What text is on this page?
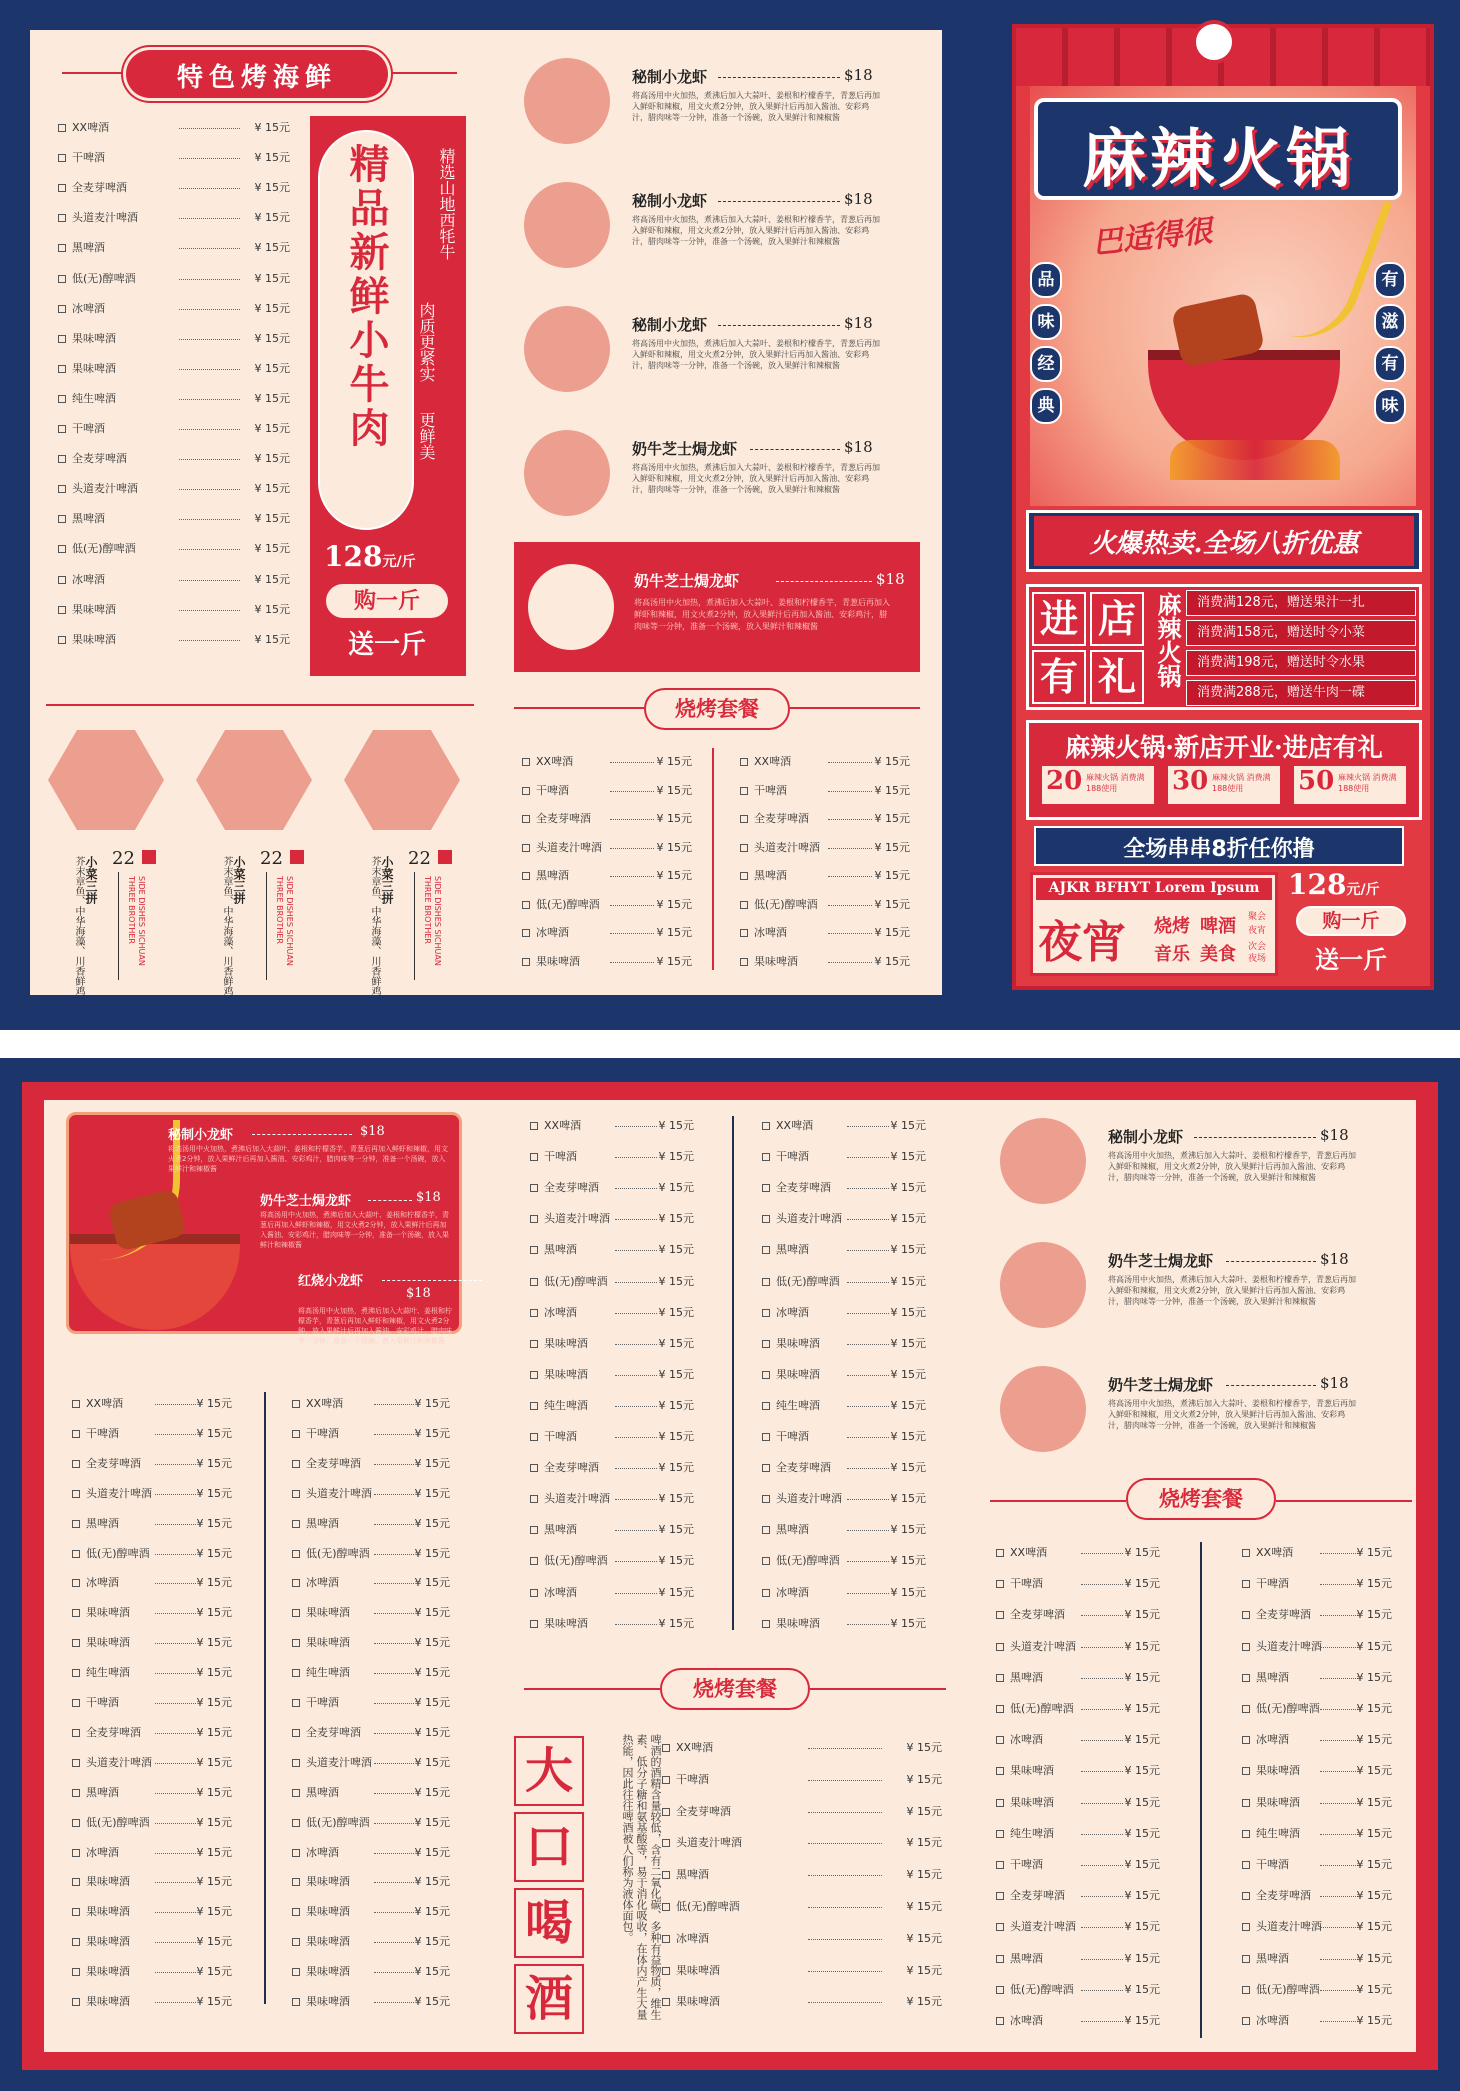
特色烤海鲜
XX啤酒	¥ 15元
干啤酒	¥ 15元
全麦芽啤酒	¥ 15元
头道麦汁啤酒	¥ 15元
黑啤酒	¥ 15元
低(无)醇啤酒	¥ 15元
冰啤酒	¥ 15元
果味啤酒	¥ 15元
果味啤酒	¥ 15元
纯生啤酒	¥ 15元
干啤酒	¥ 15元
全麦芽啤酒	¥ 15元
头道麦汁啤酒	¥ 15元
黑啤酒	¥ 15元
低(无)醇啤酒	¥ 15元
冰啤酒	¥ 15元
果味啤酒	¥ 15元
果味啤酒	¥ 15元
精品新鲜小牛肉	精选山地西牦牛
肉质更紧实
更鲜美
128元/斤
购一斤
送一斤
小菜三拼
芥末章鱼、中华海藻、川香鲜鸡 22
SIDE DISHES SICHUAN THREE BROTHER	小菜三拼
芥末章鱼、中华海藻、川香鲜鸡 22
SIDE DISHES SICHUAN THREE BROTHER	小菜三拼
芥末章鱼、中华海藻、川香鲜鸡 22
SIDE DISHES SICHUAN THREE BROTHER
秘制小龙虾	$18
将高汤用中火加热，煮沸后加入大蒜叶、姜根和柠檬香芋，青葱后再加入鲜虾和辣椒，用文火煮2分钟，放入果鲜汁后再加入酱油、安彩鸡汁，腊肉味等一分钟，准备一个汤碗，放入果鲜汁和辣椒酱
秘制小龙虾	$18
将高汤用中火加热，煮沸后加入大蒜叶、姜根和柠檬香芋，青葱后再加入鲜虾和辣椒，用文火煮2分钟，放入果鲜汁后再加入酱油、安彩鸡汁，腊肉味等一分钟，准备一个汤碗，放入果鲜汁和辣椒酱
秘制小龙虾	$18
将高汤用中火加热，煮沸后加入大蒜叶、姜根和柠檬香芋，青葱后再加入鲜虾和辣椒，用文火煮2分钟，放入果鲜汁后再加入酱油、安彩鸡汁，腊肉味等一分钟，准备一个汤碗，放入果鲜汁和辣椒酱
奶牛芝士焗龙虾	$18
将高汤用中火加热，煮沸后加入大蒜叶、姜根和柠檬香芋，青葱后再加入鲜虾和辣椒，用文火煮2分钟，放入果鲜汁后再加入酱油、安彩鸡汁，腊肉味等一分钟，准备一个汤碗，放入果鲜汁和辣椒酱
奶牛芝士焗龙虾	$18
将高汤用中火加热，煮沸后加入大蒜叶、姜根和柠檬香芋，青葱后再加入鲜虾和辣椒，用文火煮2分钟，放入果鲜汁后再加入酱油、安彩鸡汁，腊肉味等一分钟，准备一个汤碗，放入果鲜汁和辣椒酱
烧烤套餐
XX啤酒	¥ 15元
干啤酒	¥ 15元
全麦芽啤酒	¥ 15元
头道麦汁啤酒	¥ 15元
黑啤酒	¥ 15元
低(无)醇啤酒	¥ 15元
冰啤酒	¥ 15元
果味啤酒	¥ 15元
XX啤酒	¥ 15元
干啤酒	¥ 15元
全麦芽啤酒	¥ 15元
头道麦汁啤酒	¥ 15元
黑啤酒	¥ 15元
低(无)醇啤酒	¥ 15元
冰啤酒	¥ 15元
果味啤酒	¥ 15元
麻辣火锅
巴适得很
品
味
经
典
有
滋
有
味
火爆热卖.全场八折优惠
进 店
有 礼 麻辣火锅	消费满128元，赠送果汁一扎
消费满158元，赠送时令小菜
消费满198元，赠送时令水果
消费满288元，赠送牛肉一碟
麻辣火锅·新店开业·进店有礼
20 麻辣火锅 消费满188使用	30 麻辣火锅 消费满188使用	50 麻辣火锅 消费满188使用
全场串串8折任你撸
AJKR BFHYT Lorem Ipsum
夜宵 烧烤 啤酒
音乐 美食
聚会
夜宵
次会
夜场
128元/斤
购一斤
送一斤
秘制小龙虾	$18
将高汤用中火加热，煮沸后加入大蒜叶、姜根和柠檬香芋，青葱后再加入鲜虾和辣椒，用文火煮2分钟，放入果鲜汁后再加入酱油、安彩鸡汁，腊肉味等一分钟，准备一个汤碗，放入果鲜汁和辣椒酱
奶牛芝士焗龙虾	$18
将高汤用中火加热，煮沸后加入大蒜叶、姜根和柠檬香芋，青葱后再加入鲜虾和辣椒，用文火煮2分钟，放入果鲜汁后再加入酱油、安彩鸡汁，腊肉味等一分钟，准备一个汤碗，放入果鲜汁和辣椒酱
红烧小龙虾
$18
将高汤用中火加热，煮沸后加入大蒜叶、姜根和柠檬香芋，青葱后再加入鲜虾和辣椒，用文火煮2分钟，放入果鲜汁后再加入酱油、安彩鸡汁，腊肉味等一分钟，准备一个汤碗，放入果鲜汁和辣椒酱
XX啤酒	¥ 15元
干啤酒	¥ 15元
全麦芽啤酒	¥ 15元
头道麦汁啤酒	¥ 15元
黑啤酒	¥ 15元
低(无)醇啤酒	¥ 15元
冰啤酒	¥ 15元
果味啤酒	¥ 15元
果味啤酒	¥ 15元
纯生啤酒	¥ 15元
干啤酒	¥ 15元
全麦芽啤酒	¥ 15元
头道麦汁啤酒	¥ 15元
黑啤酒	¥ 15元
低(无)醇啤酒	¥ 15元
冰啤酒	¥ 15元
果味啤酒	¥ 15元
果味啤酒	¥ 15元
果味啤酒	¥ 15元
果味啤酒	¥ 15元
果味啤酒	¥ 15元
XX啤酒	¥ 15元
干啤酒	¥ 15元
全麦芽啤酒	¥ 15元
头道麦汁啤酒	¥ 15元
黑啤酒	¥ 15元
低(无)醇啤酒	¥ 15元
冰啤酒	¥ 15元
果味啤酒	¥ 15元
果味啤酒	¥ 15元
纯生啤酒	¥ 15元
干啤酒	¥ 15元
全麦芽啤酒	¥ 15元
头道麦汁啤酒	¥ 15元
黑啤酒	¥ 15元
低(无)醇啤酒	¥ 15元
冰啤酒	¥ 15元
果味啤酒	¥ 15元
果味啤酒	¥ 15元
果味啤酒	¥ 15元
果味啤酒	¥ 15元
果味啤酒	¥ 15元
XX啤酒	¥ 15元
干啤酒	¥ 15元
全麦芽啤酒	¥ 15元
头道麦汁啤酒	¥ 15元
黑啤酒	¥ 15元
低(无)醇啤酒	¥ 15元
冰啤酒	¥ 15元
果味啤酒	¥ 15元
果味啤酒	¥ 15元
纯生啤酒	¥ 15元
干啤酒	¥ 15元
全麦芽啤酒	¥ 15元
头道麦汁啤酒	¥ 15元
黑啤酒	¥ 15元
低(无)醇啤酒	¥ 15元
冰啤酒	¥ 15元
果味啤酒	¥ 15元
XX啤酒	¥ 15元
干啤酒	¥ 15元
全麦芽啤酒	¥ 15元
头道麦汁啤酒	¥ 15元
黑啤酒	¥ 15元
低(无)醇啤酒	¥ 15元
冰啤酒	¥ 15元
果味啤酒	¥ 15元
果味啤酒	¥ 15元
纯生啤酒	¥ 15元
干啤酒	¥ 15元
全麦芽啤酒	¥ 15元
头道麦汁啤酒	¥ 15元
黑啤酒	¥ 15元
低(无)醇啤酒	¥ 15元
冰啤酒	¥ 15元
果味啤酒	¥ 15元
烧烤套餐
大
口
喝
酒	啤酒的酒精含量较低，含有二氧化碳、多种有益物质，维生素、低分子糖和氨基酸等，易于消化吸收，在体内产生大量热能，因此往往啤酒被人们称为液体面包。	XX啤酒	¥ 15元
干啤酒	¥ 15元
全麦芽啤酒	¥ 15元
头道麦汁啤酒	¥ 15元
黑啤酒	¥ 15元
低(无)醇啤酒	¥ 15元
冰啤酒	¥ 15元
果味啤酒	¥ 15元
果味啤酒	¥ 15元
秘制小龙虾	$18
将高汤用中火加热，煮沸后加入大蒜叶、姜根和柠檬香芋，青葱后再加入鲜虾和辣椒，用文火煮2分钟，放入果鲜汁后再加入酱油、安彩鸡汁，腊肉味等一分钟，准备一个汤碗，放入果鲜汁和辣椒酱
奶牛芝士焗龙虾	$18
将高汤用中火加热，煮沸后加入大蒜叶、姜根和柠檬香芋，青葱后再加入鲜虾和辣椒，用文火煮2分钟，放入果鲜汁后再加入酱油、安彩鸡汁，腊肉味等一分钟，准备一个汤碗，放入果鲜汁和辣椒酱
奶牛芝士焗龙虾	$18
将高汤用中火加热，煮沸后加入大蒜叶、姜根和柠檬香芋，青葱后再加入鲜虾和辣椒，用文火煮2分钟，放入果鲜汁后再加入酱油、安彩鸡汁，腊肉味等一分钟，准备一个汤碗，放入果鲜汁和辣椒酱
烧烤套餐
XX啤酒	¥ 15元
干啤酒	¥ 15元
全麦芽啤酒	¥ 15元
头道麦汁啤酒	¥ 15元
黑啤酒	¥ 15元
低(无)醇啤酒	¥ 15元
冰啤酒	¥ 15元
果味啤酒	¥ 15元
果味啤酒	¥ 15元
纯生啤酒	¥ 15元
干啤酒	¥ 15元
全麦芽啤酒	¥ 15元
头道麦汁啤酒	¥ 15元
黑啤酒	¥ 15元
低(无)醇啤酒	¥ 15元
冰啤酒	¥ 15元
XX啤酒	¥ 15元
干啤酒	¥ 15元
全麦芽啤酒	¥ 15元
头道麦汁啤酒	¥ 15元
黑啤酒	¥ 15元
低(无)醇啤酒	¥ 15元
冰啤酒	¥ 15元
果味啤酒	¥ 15元
果味啤酒	¥ 15元
纯生啤酒	¥ 15元
干啤酒	¥ 15元
全麦芽啤酒	¥ 15元
头道麦汁啤酒	¥ 15元
黑啤酒	¥ 15元
低(无)醇啤酒	¥ 15元
冰啤酒	¥ 15元
